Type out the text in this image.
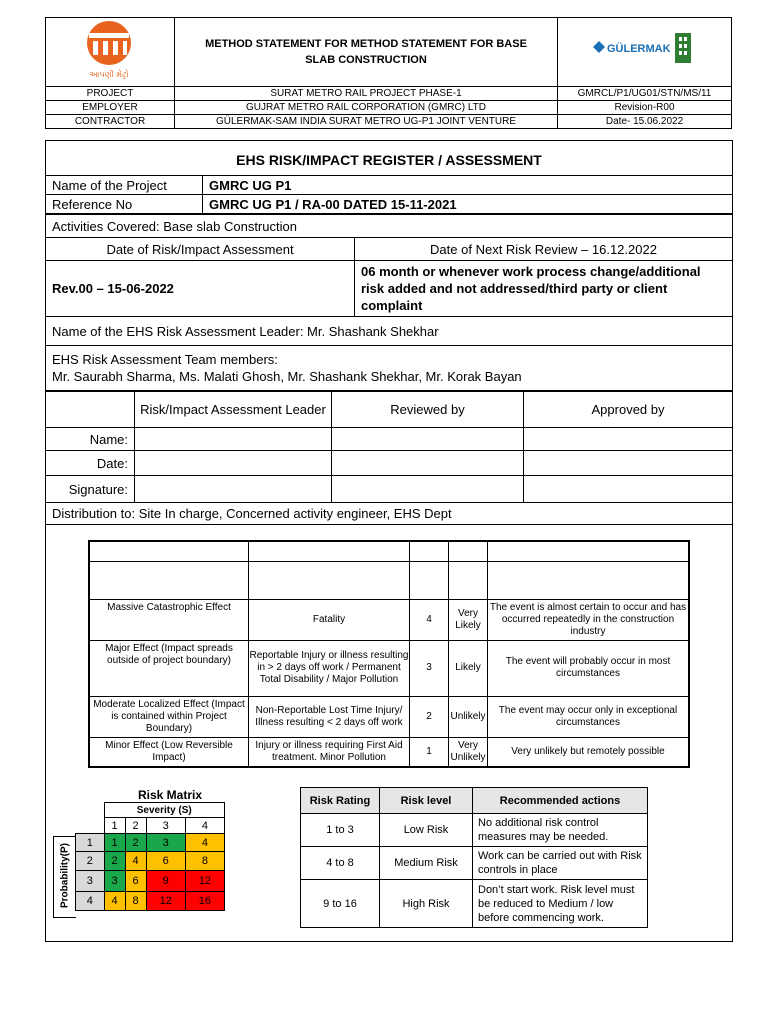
આપણી મેટ્રો	METHOD STATEMENT FOR METHOD STATEMENT FOR BASE
SLAB CONSTRUCTION	GÜLERMAK

PROJECT	SURAT METRO RAIL PROJECT PHASE-1	GMRCL/P1/UG01/STN/MS/11
EMPLOYER	GUJRAT METRO RAIL CORPORATION (GMRC) LTD	Revision-R00
CONTRACTOR	GÜLERMAK-SAM INDIA SURAT METRO UG-P1 JOINT VENTURE	Date- 15.06.2022
EHS RISK/IMPACT REGISTER / ASSESSMENT
Name of the Project	GMRC UG P1
Reference No	GMRC UG P1 / RA-00 DATED 15-11-2021
Activities Covered: Base slab Construction	
Date of Risk/Impact Assessment	Date of Next Risk Review – 16.12.2022
Rev.00 – 15-06-2022	06 month or whenever work process change/additional risk added and not addressed/third party or client complaint
Name of the EHS Risk Assessment Leader: Mr. Shashank Shekhar	

EHS Risk Assessment Team members:
Mr. Saurabh Sharma, Ms. Malati Ghosh, Mr. Shashank Shekhar, Mr. Korak Bayan	
	Risk/Impact Assessment Leader	Reviewed by	Approved by
Name:			
Date:			
Signature:			
Distribution to: Site In charge, Concerned activity engineer, EHS Dept			

Massive Catastrophic Effect	Fatality	4	Very Likely	The event is almost certain to occur and has occurred repeatedly in the construction industry
Major Effect (Impact spreads outside of project boundary)	Reportable Injury or illness resulting in > 2 days off work / Permanent Total Disability / Major Pollution	3	Likely	The event will probably occur in most circumstances
Moderate Localized Effect (Impact is contained within Project Boundary)	Non-Reportable Lost Time Injury/ Illness resulting < 2 days off work	2	Unlikely	The event may occur only in exceptional circumstances
Minor Effect (Low Reversible Impact)	Injury or illness requiring First Aid treatment. Minor Pollution	1	Very Unlikely	Very unlikely but remotely possible
Risk Matrix
Probability(P)
	Severity (S)			
	1	2	3	4
1	1	2	3	4
2	2	4	6	8
3	3	6	9	12
4	4	8	12	16
Risk Rating	Risk level	Recommended actions
1 to 3	Low Risk	No additional risk control measures may be needed.
4 to 8	Medium Risk	Work can be carried out with Risk controls in place
9 to 16	High Risk	Don’t start work. Risk level must be reduced to Medium / low before commencing work.
